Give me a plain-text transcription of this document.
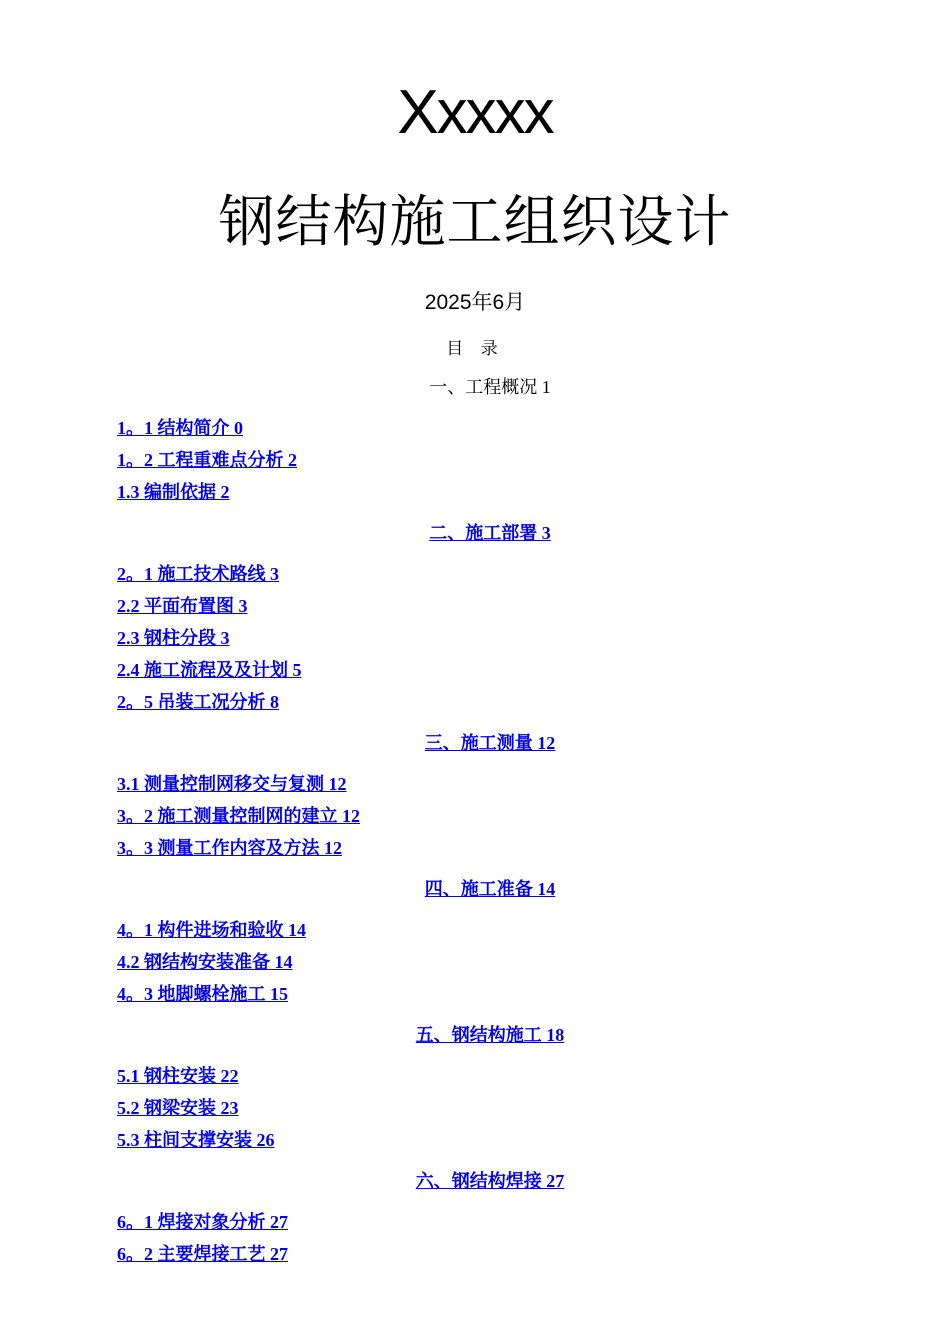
Xxxxx
钢结构施工组织设计
2025年6月
目 录
一、工程概况 1
1。1 结构简介 0
1。2 工程重难点分析 2
1.3 编制依据 2
二、施工部署 3
2。1 施工技术路线 3
2.2 平面布置图 3
2.3 钢柱分段 3
2.4 施工流程及及计划 5
2。5 吊装工况分析 8
三、施工测量 12
3.1 测量控制网移交与复测 12
3。2 施工测量控制网的建立 12
3。3 测量工作内容及方法 12
四、施工准备 14
4。1 构件进场和验收 14
4.2 钢结构安装准备 14
4。3 地脚螺栓施工 15
五、钢结构施工 18
5.1 钢柱安装 22
5.2 钢梁安装 23
5.3 柱间支撑安装 26
六、钢结构焊接 27
6。1 焊接对象分析 27
6。2 主要焊接工艺 27
